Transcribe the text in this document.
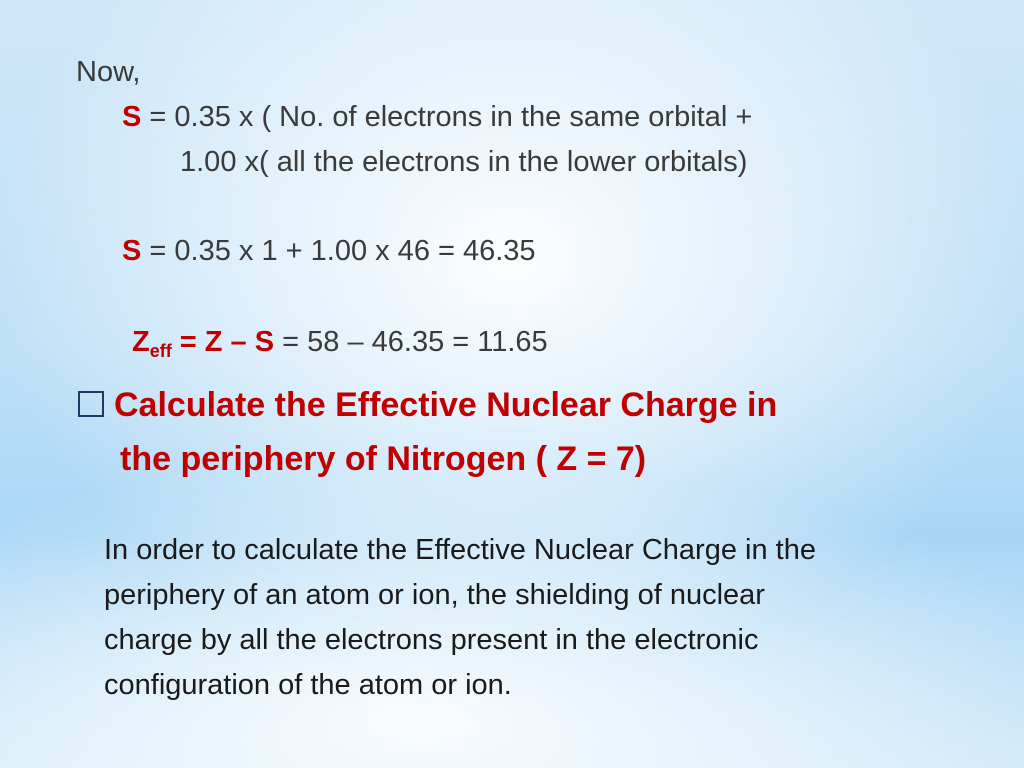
Now,
S = 0.35 x ( No. of electrons in the same orbital +
1.00 x( all the electrons in the lower orbitals)
S = 0.35 x 1 + 1.00 x 46 = 46.35
$Z_{eff} = Z - S = 58 - 46.35 = 11.65$
Calculate the Effective Nuclear Charge in
the periphery of Nitrogen ( Z = 7)
In order to calculate the Effective Nuclear Charge in the
periphery of an atom or ion, the shielding of nuclear
charge by all the electrons present in the electronic
configuration of the atom or ion.
